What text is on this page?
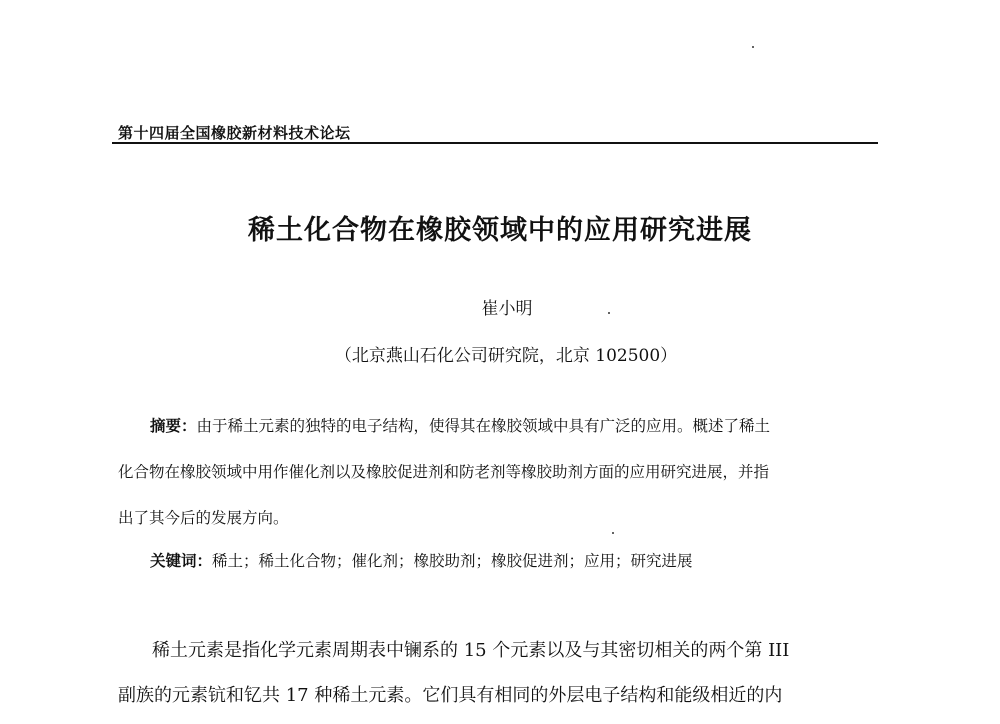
第十四届全国橡胶新材料技术论坛
稀土化合物在橡胶领域中的应用研究进展
崔小明
（北京燕山石化公司研究院，北京 102500）
摘要：由于稀土元素的独特的电子结构，使得其在橡胶领域中具有广泛的应用。概述了稀土
化合物在橡胶领域中用作催化剂以及橡胶促进剂和防老剂等橡胶助剂方面的应用研究进展，并指
出了其今后的发展方向。
关键词：稀土；稀土化合物；催化剂；橡胶助剂；橡胶促进剂；应用；研究进展
稀土元素是指化学元素周期表中镧系的 15 个元素以及与其密切相关的两个第 III
副族的元素钪和钇共 17 种稀土元素。它们具有相同的外层电子结构和能级相近的内
